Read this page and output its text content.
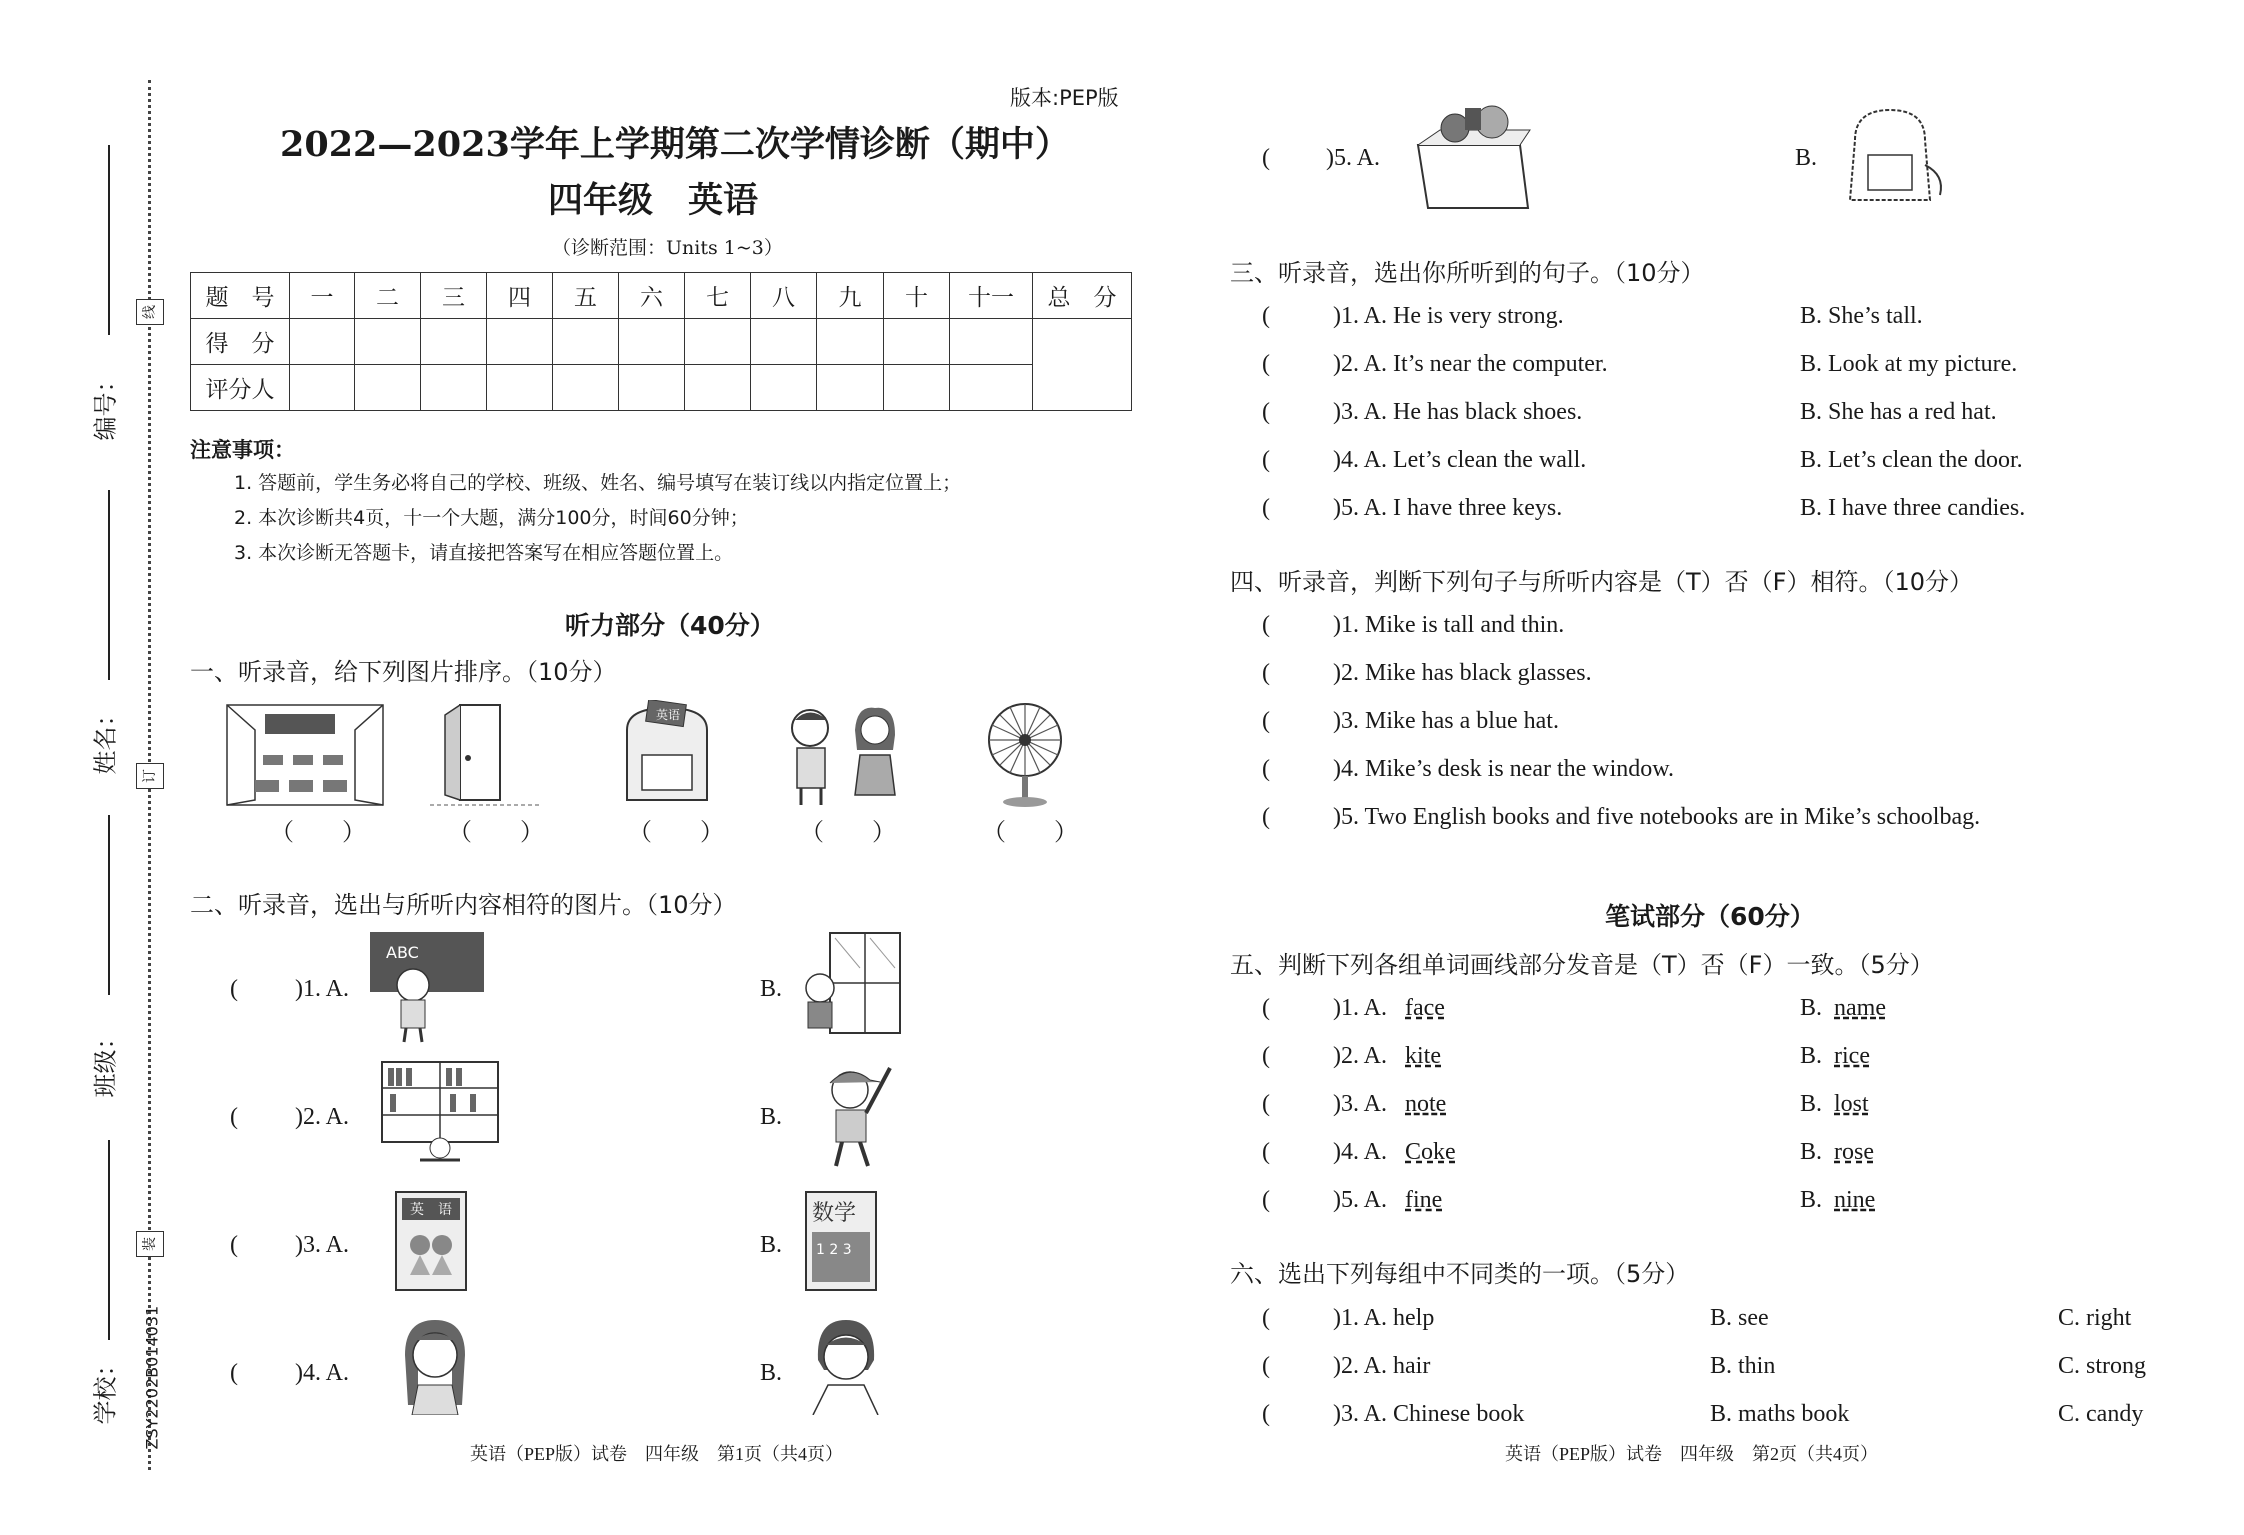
编号：
姓名：
班级：
学校：
线
订
装
ZSY2202B014031
版本:PEP版
2022—2023学年上学期第二次学情诊断（期中）
四年级　英语
（诊断范围：Units 1~3）
题　号	一	二	三	四	五	六	七	八	九	十	十一	总　分
得　分												
评分人												
注意事项：
1. 答题前，学生务必将自己的学校、班级、姓名、编号填写在装订线以内指定位置上；
2. 本次诊断共4页，十一个大题，满分100分，时间60分钟；
3. 本次诊断无答题卡，请直接把答案写在相应答题位置上。
听力部分（40分）
一、听录音，给下列图片排序。（10分）
英语
（　　）	（　　）	（　　）	（　　）	（　　）
二、听录音，选出与所听内容相符的图片。（10分）
( )1. A.	B.
ABC
( )2. A.	B.
( )3. A.	B.
英　语	数学
1 2 3
( )4. A.	B.
英语（PEP版）试卷　四年级　第1页（共4页）
( )5. A.	B.
三、听录音，选出你所听到的句子。（10分）
(	)1. A. He is very strong.	B. She’s tall.
(	)2. A. It’s near the computer.	B. Look at my picture.
(	)3. A. He has black shoes.	B. She has a red hat.
(	)4. A. Let’s clean the wall.	B. Let’s clean the door.
(	)5. A. I have three keys.	B. I have three candies.
四、听录音，判断下列句子与所听内容是（T）否（F）相符。（10分）
(	)1. Mike is tall and thin.
(	)2. Mike has black glasses.
(	)3. Mike has a blue hat.
(	)4. Mike’s desk is near the window.
(	)5. Two English books and five notebooks are in Mike’s schoolbag.
笔试部分（60分）
五、判断下列各组单词画线部分发音是（T）否（F）一致。（5分）
(	)1. A. face	B. name
(	)2. A. kite	B. rice
(	)3. A. note	B. lost
(	)4. A. Coke	B. rose
(	)5. A. fine	B. nine
六、选出下列每组中不同类的一项。（5分）
(	)1. A. help	B. see	C. right
(	)2. A. hair	B. thin	C. strong
(	)3. A. Chinese book	B. maths book	C. candy
英语（PEP版）试卷　四年级　第2页（共4页）
